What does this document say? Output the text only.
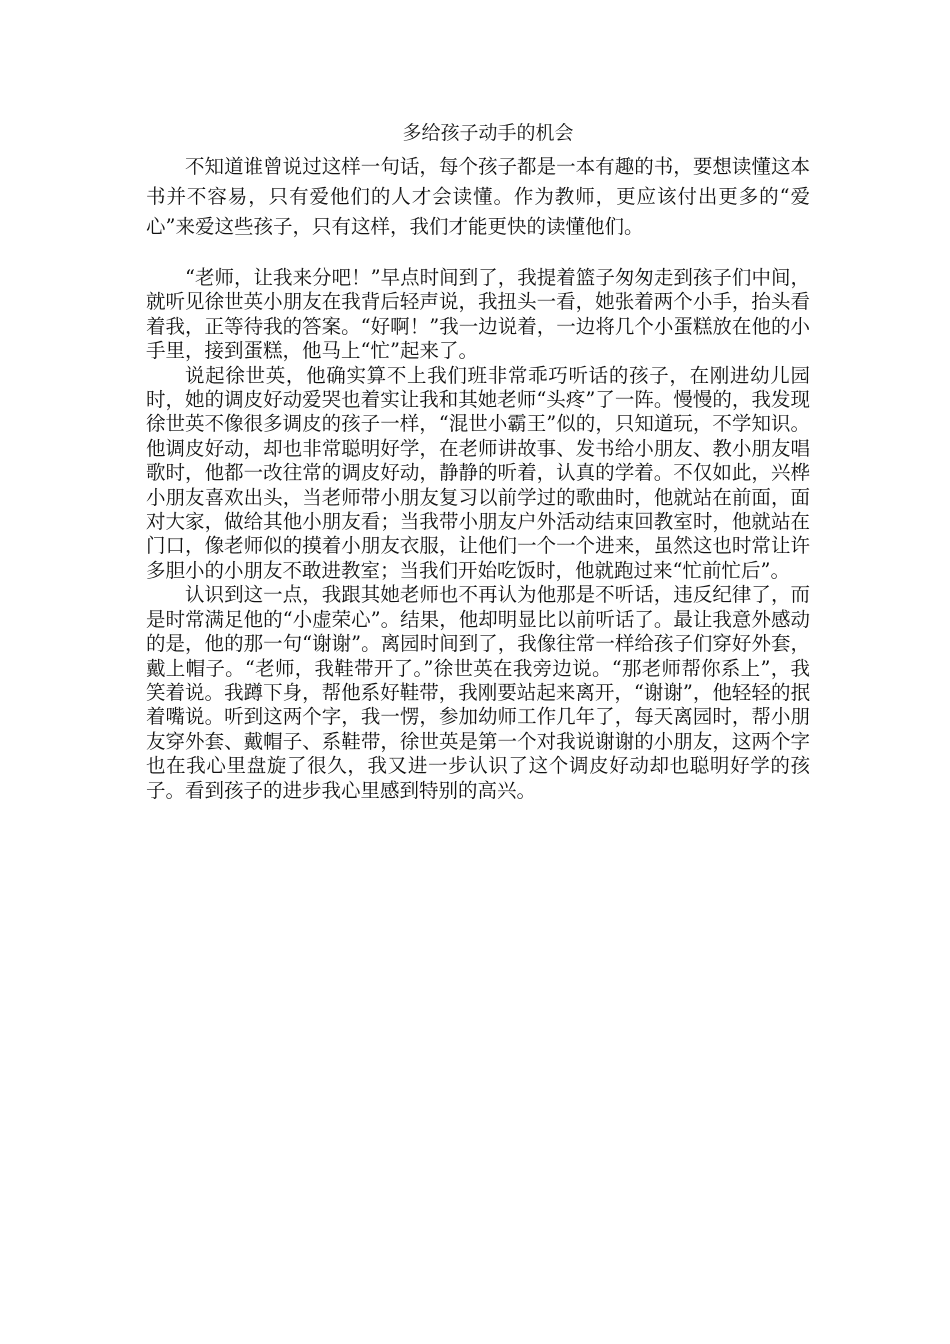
多给孩子动手的机会

不知道谁曾说过这样一句话，每个孩子都是一本有趣的书，要想读懂这本书并不容易，只有爱他们的人才会读懂。作为教师，更应该付出更多的“爱心”来爱这些孩子，只有这样，我们才能更快的读懂他们。

“老师，让我来分吧！”早点时间到了，我提着篮子匆匆走到孩子们中间，就听见徐世英小朋友在我背后轻声说，我扭头一看，她张着两个小手，抬头看着我，正等待我的答案。“好啊！”我一边说着，一边将几个小蛋糕放在他的小手里，接到蛋糕，他马上“忙”起来了。

说起徐世英，他确实算不上我们班非常乖巧听话的孩子，在刚进幼儿园时，她的调皮好动爱哭也着实让我和其她老师“头疼”了一阵。慢慢的，我发现徐世英不像很多调皮的孩子一样，“混世小霸王”似的，只知道玩，不学知识。他调皮好动，却也非常聪明好学，在老师讲故事、发书给小朋友、教小朋友唱歌时，他都一改往常的调皮好动，静静的听着，认真的学着。不仅如此，兴桦小朋友喜欢出头，当老师带小朋友复习以前学过的歌曲时，他就站在前面，面对大家，做给其他小朋友看；当我带小朋友户外活动结束回教室时，他就站在门口，像老师似的摸着小朋友衣服，让他们一个一个进来，虽然这也时常让许多胆小的小朋友不敢进教室；当我们开始吃饭时，他就跑过来“忙前忙后”。

认识到这一点，我跟其她老师也不再认为他那是不听话，违反纪律了，而是时常满足他的“小虚荣心”。结果，他却明显比以前听话了。最让我意外感动的是，他的那一句“谢谢”。离园时间到了，我像往常一样给孩子们穿好外套，戴上帽子。“老师，我鞋带开了。”徐世英在我旁边说。“那老师帮你系上”，我笑着说。我蹲下身，帮他系好鞋带，我刚要站起来离开，“谢谢”，他轻轻的抿着嘴说。听到这两个字，我一愣，参加幼师工作几年了，每天离园时，帮小朋友穿外套、戴帽子、系鞋带，徐世英是第一个对我说谢谢的小朋友，这两个字也在我心里盘旋了很久，我又进一步认识了这个调皮好动却也聪明好学的孩子。看到孩子的进步我心里感到特别的高兴。
